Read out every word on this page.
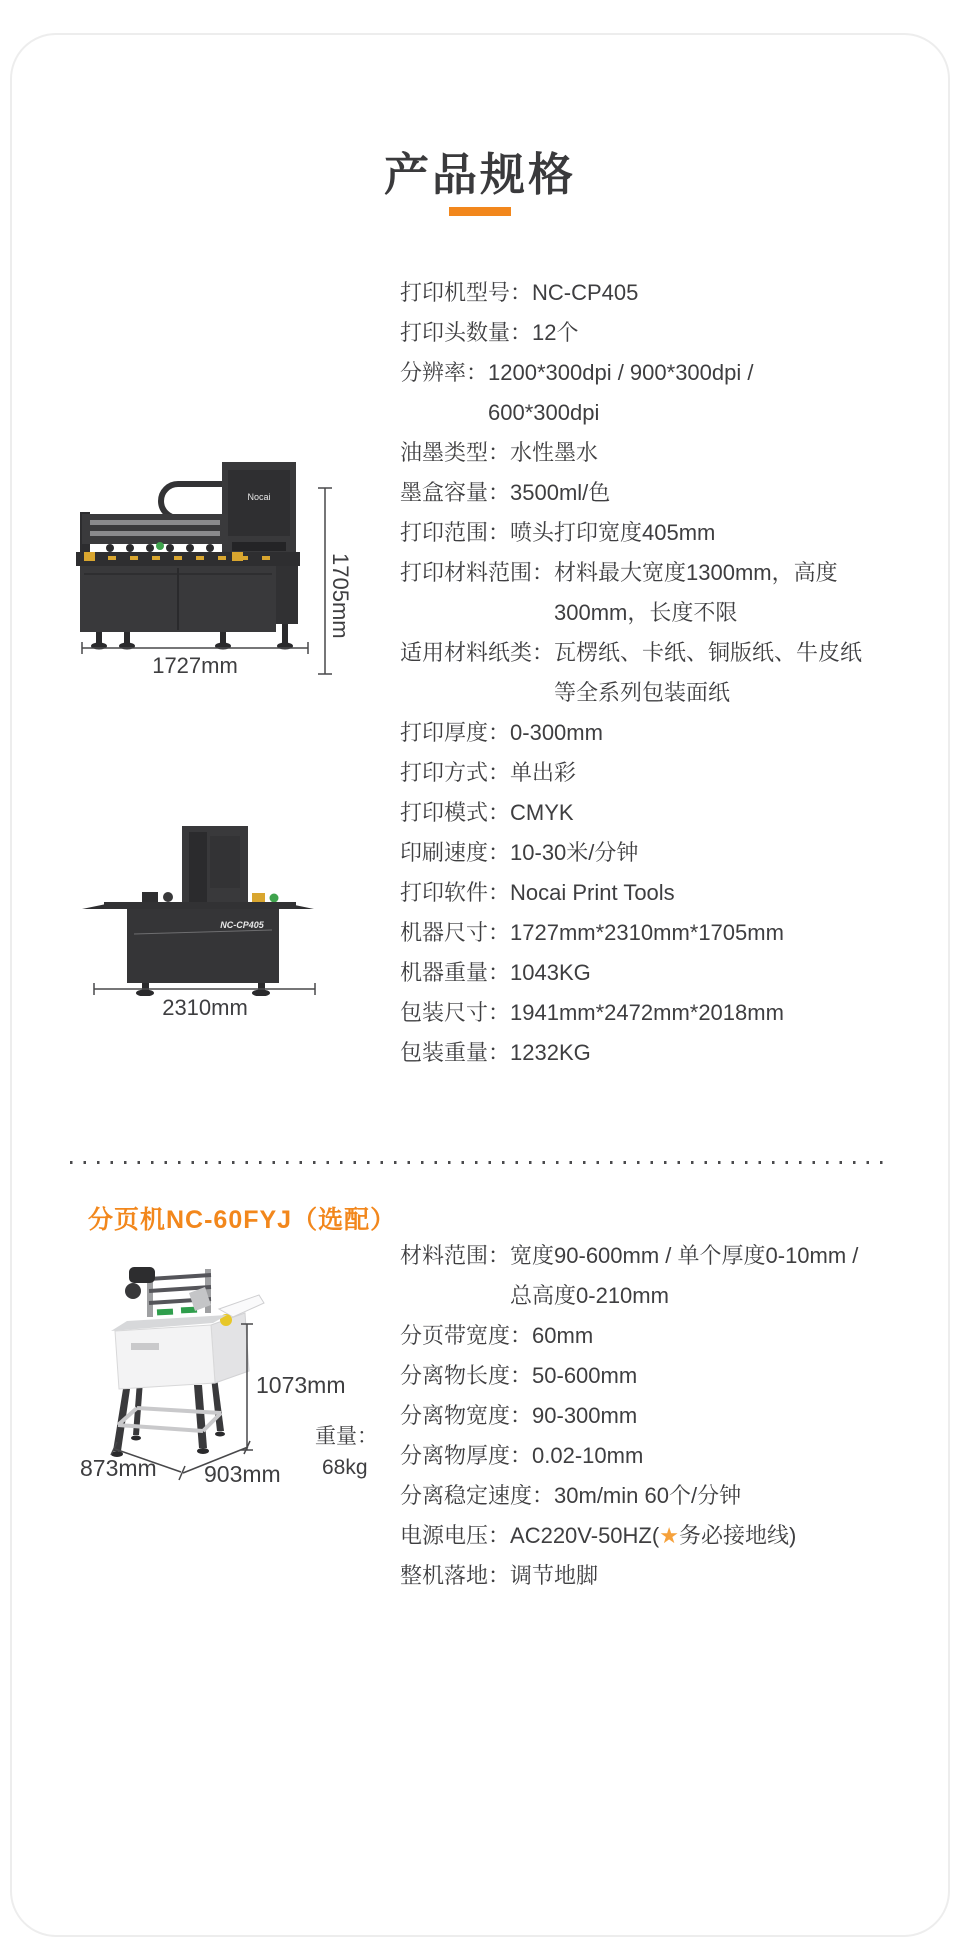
产品规格
Nocai
1705mm
1727mm
NC-CP405
2310mm
打印机型号： NC-CP405
打印头数量： 12个
分辨率： 1200*300dpi / 900*300dpi /
600*300dpi
油墨类型： 水性墨水
墨盒容量： 3500ml/色
打印范围： 喷头打印宽度405mm
打印材料范围： 材料最大宽度1300mm，高度
300mm，长度不限
适用材料纸类： 瓦楞纸、卡纸、铜版纸、牛皮纸
等全系列包装面纸
打印厚度： 0-300mm
打印方式： 单出彩
打印模式： CMYK
印刷速度： 10-30米/分钟
打印软件： Nocai Print Tools
机器尺寸： 1727mm*2310mm*1705mm
机器重量： 1043KG
包装尺寸： 1941mm*2472mm*2018mm
包装重量： 1232KG
分页机NC-60FYJ（选配）
1073mm
873mm 903mm
重量：
68kg
材料范围： 宽度90-600mm / 单个厚度0-10mm /
总高度0-210mm
分页带宽度： 60mm
分离物长度： 50-600mm
分离物宽度： 90-300mm
分离物厚度： 0.02-10mm
分离稳定速度： 30m/min 60个/分钟
电源电压： AC220V-50HZ(★务必接地线)
整机落地： 调节地脚
